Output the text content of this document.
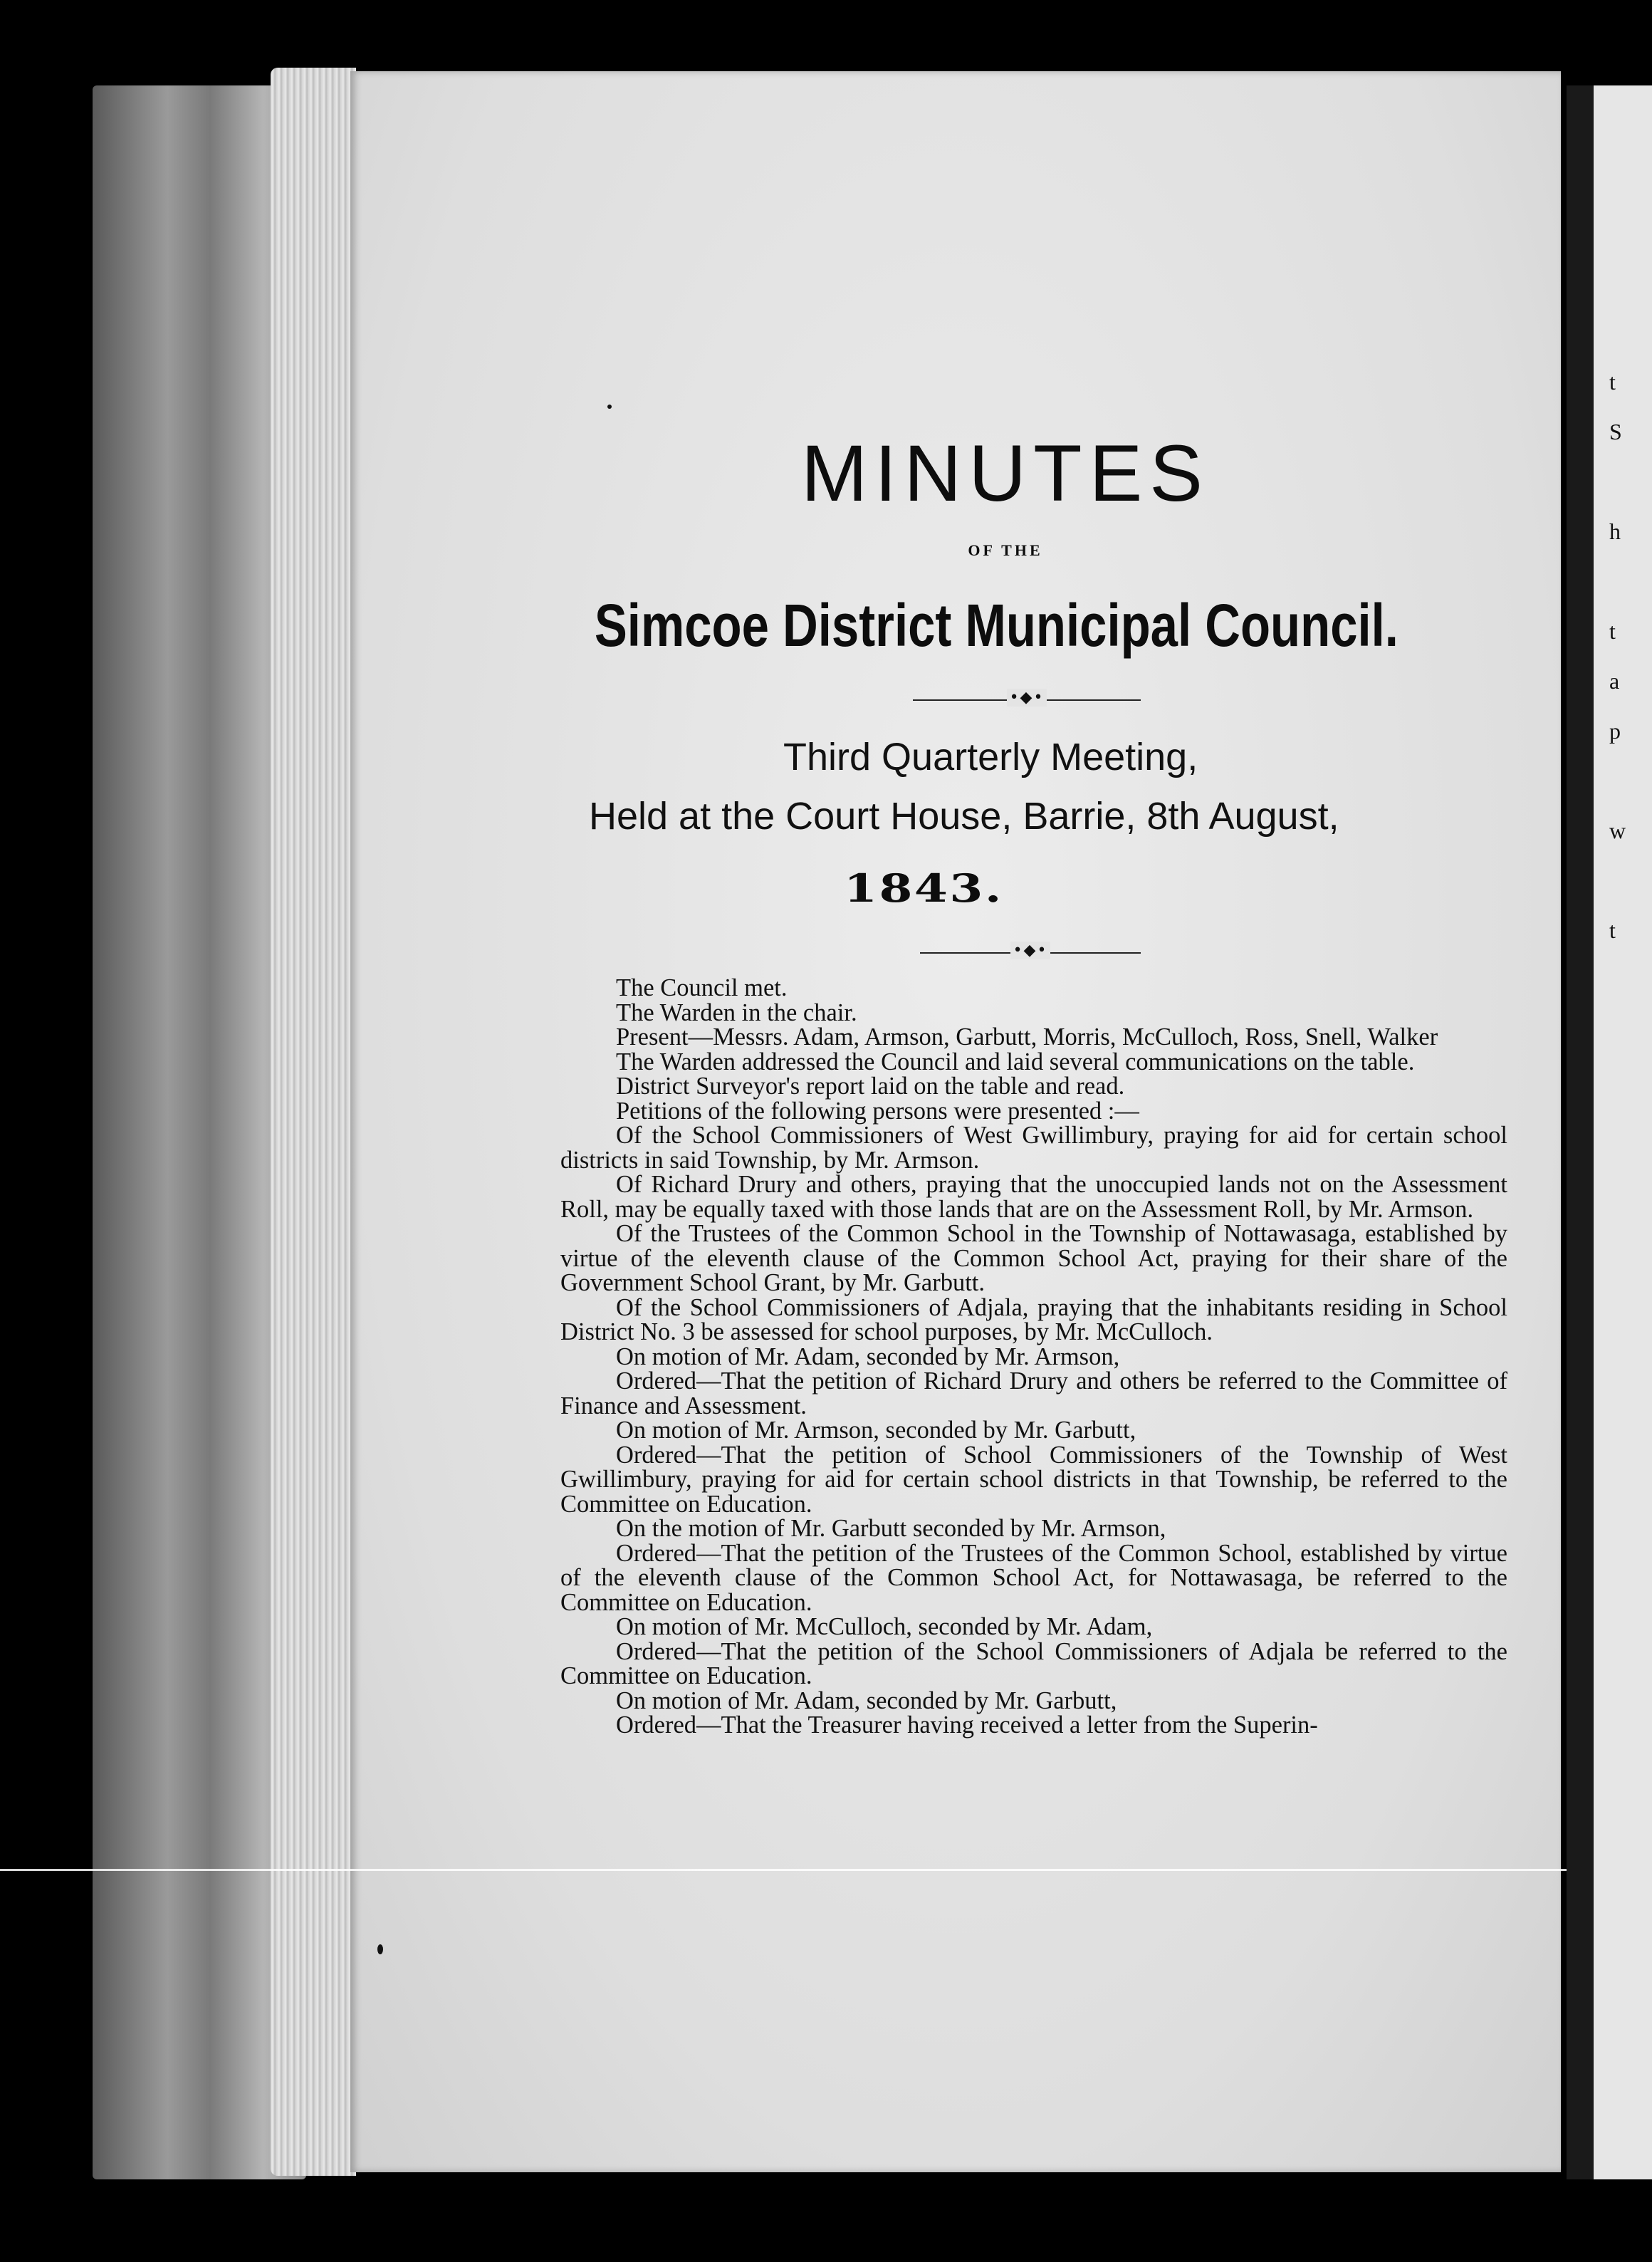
MINUTES
OF THE
Simcoe District Municipal Council.
•◆•
Third Quarterly Meeting,
Held at the Court House, Barrie, 8th August,
1843.
•◆•

The Council met.

The Warden in the chair.

Present—Messrs. Adam, Armson, Garbutt, Morris, McCulloch, Ross, Snell, Walker

The Warden addressed the Council and laid several communications on the table.

District Surveyor's report laid on the table and read.

Petitions of the following persons were presented :—

Of the School Commissioners of West Gwillimbury, praying for aid for certain school districts in said Township, by Mr. Armson.

Of Richard Drury and others, praying that the unoccupied lands not on the Assessment Roll, may be equally taxed with those lands that are on the Assessment Roll, by Mr. Armson.

Of the Trustees of the Common School in the Township of Nottawasaga, established by virtue of the eleventh clause of the Common School Act, praying for their share of the Government School Grant, by Mr. Garbutt.

Of the School Commissioners of Adjala, praying that the inhabitants residing in School District No. 3 be assessed for school purposes, by Mr. McCulloch.

On motion of Mr. Adam, seconded by Mr. Armson,

Ordered—That the petition of Richard Drury and others be referred to the Committee of Finance and Assessment.

On motion of Mr. Armson, seconded by Mr. Garbutt,

Ordered—That the petition of School Commissioners of the Township of West Gwillimbury, praying for aid for certain school districts in that Township, be referred to the Committee on Education.

On the motion of Mr. Garbutt seconded by Mr. Armson,

Ordered—That the petition of the Trustees of the Common School, established by virtue of the eleventh clause of the Common School Act, for Nottawasaga, be referred to the Committee on Education.

On motion of Mr. McCulloch, seconded by Mr. Adam,

Ordered—That the petition of the School Commissioners of Adjala be referred to the Committee on Education.

On motion of Mr. Adam, seconded by Mr. Garbutt,

Ordered—That the Treasurer having received a letter from the Superin-

t
S
h
t
a
p
w
t
